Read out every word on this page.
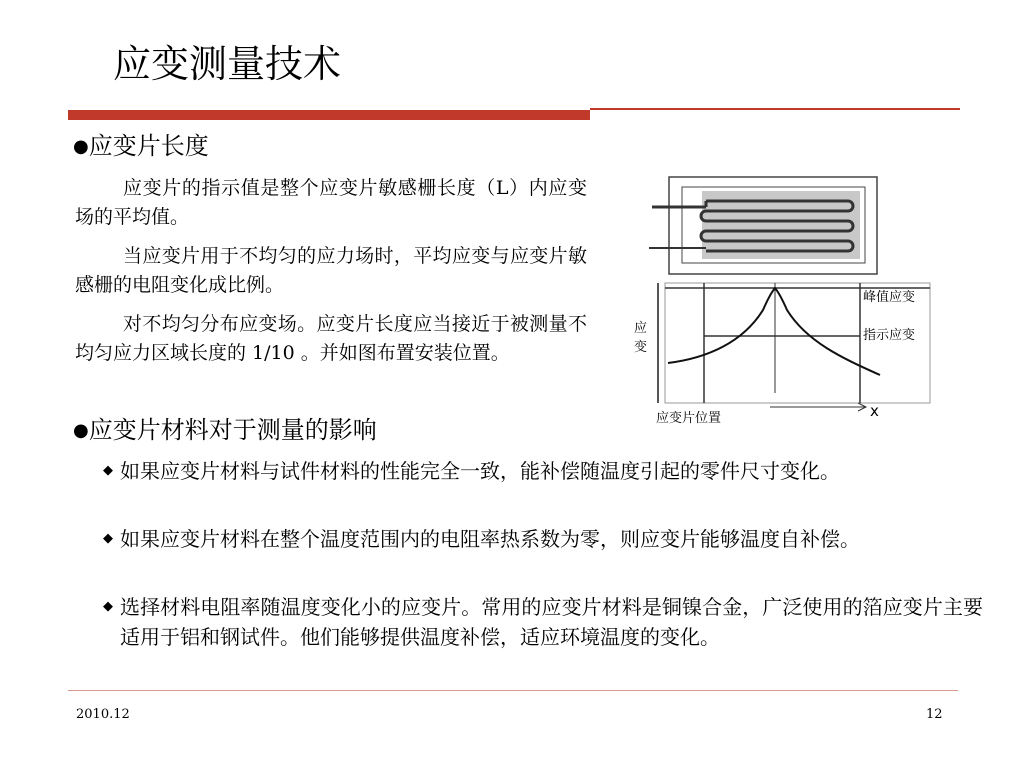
应变测量技术
●应变片长度

应变片的指示值是整个应变片敏感栅长度（L）内应变场的平均值。

当应变片用于不均匀的应力场时，平均应变与应变片敏感栅的电阻变化成比例。

对不均匀分布应变场。应变片长度应当接近于被测量不均匀应力区域长度的 1/10 。并如图布置安装位置。

●应变片材料对于测量的影响
◆ 如果应变片材料与试件材料的性能完全一致，能补偿随温度引起的零件尺寸变化。
◆ 如果应变片材料在整个温度范围内的电阻率热系数为零，则应变片能够温度自补偿。
◆ 选择材料电阻率随温度变化小的应变片。常用的应变片材料是铜镍合金，广泛使用的箔应变片主要适用于铝和钢试件。他们能够提供温度补偿，适应环境温度的变化。
应
变
峰值应变
指示应变
应变片位置	x
2010.12	12
